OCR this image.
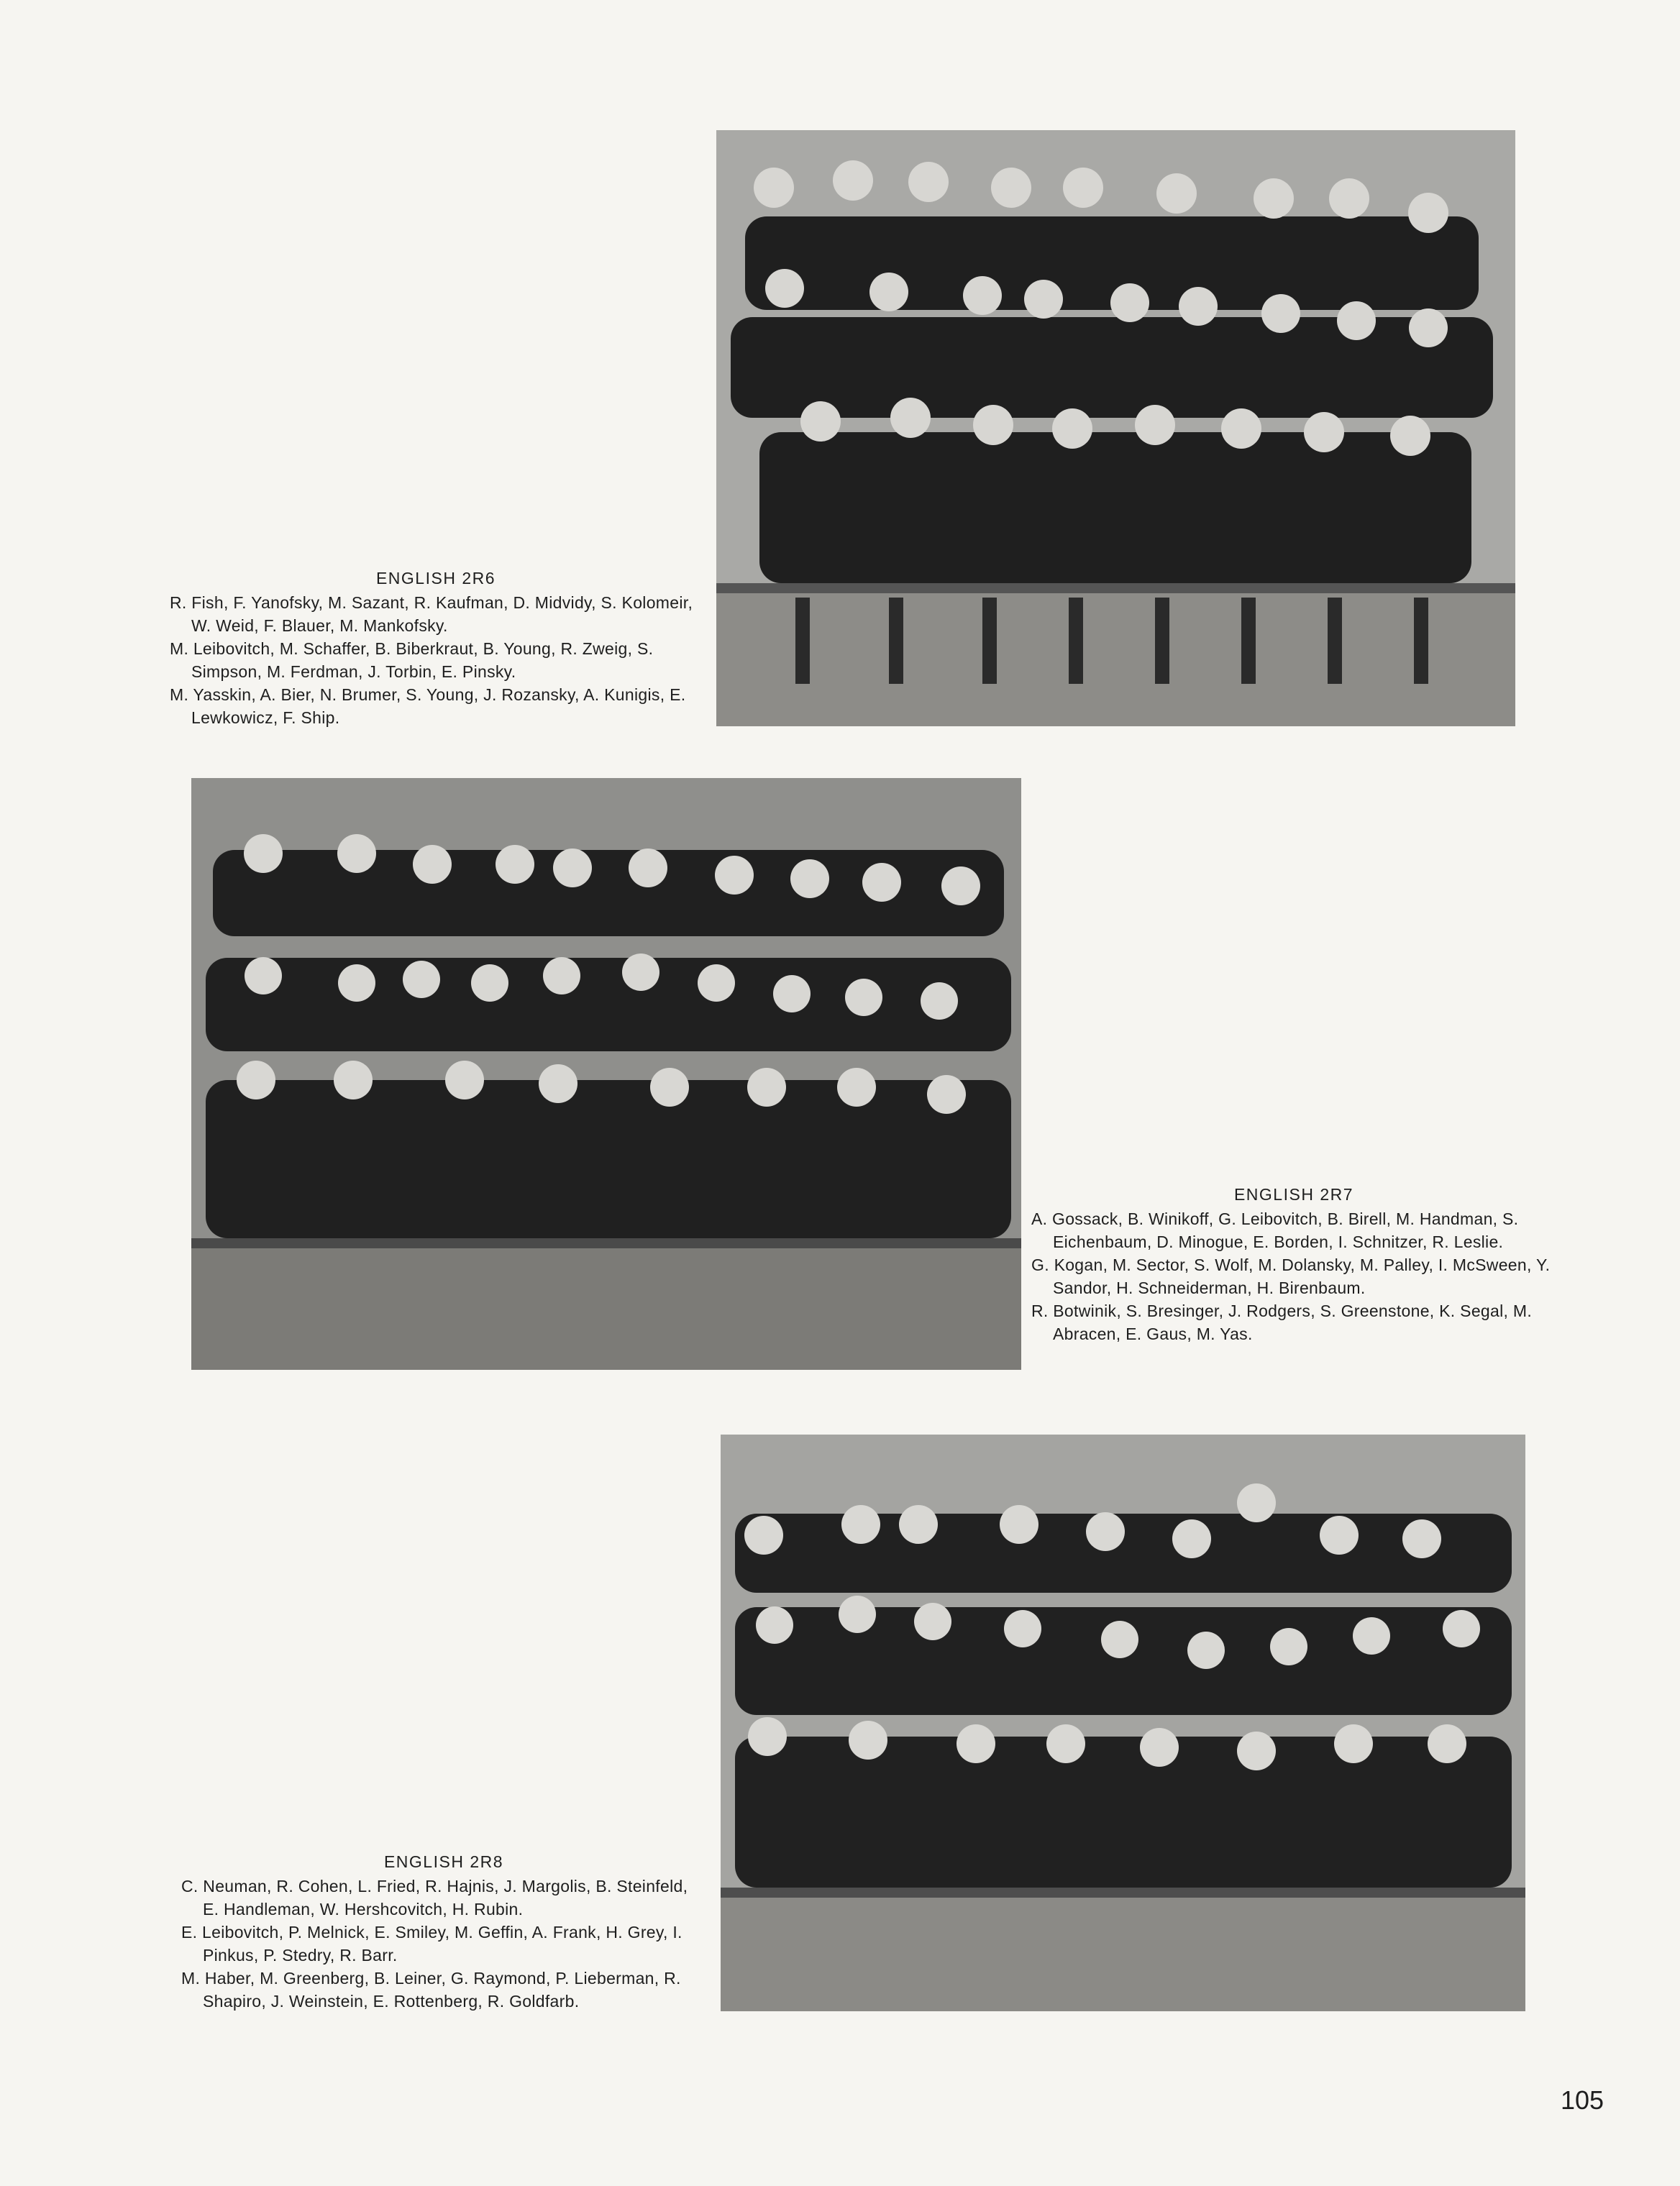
ENGLISH 2R6
R. Fish, F. Yanofsky, M. Sazant, R. Kaufman, D. Midvidy, S. Kolomeir, W. Weid, F. Blauer, M. Mankofsky.
M. Leibovitch, M. Schaffer, B. Biberkraut, B. Young, R. Zweig, S. Simpson, M. Ferdman, J. Torbin, E. Pinsky.
M. Yasskin, A. Bier, N. Brumer, S. Young, J. Rozansky, A. Kunigis, E. Lewkowicz, F. Ship.
ENGLISH 2R7
A. Gossack, B. Winikoff, G. Leibovitch, B. Birell, M. Handman, S. Eichenbaum, D. Minogue, E. Borden, I. Schnitzer, R. Leslie.
G. Kogan, M. Sector, S. Wolf, M. Dolansky, M. Palley, I. McSween, Y. Sandor, H. Schneiderman, H. Birenbaum.
R. Botwinik, S. Bresinger, J. Rodgers, S. Greenstone, K. Segal, M. Abracen, E. Gaus, M. Yas.
ENGLISH 2R8
C. Neuman, R. Cohen, L. Fried, R. Hajnis, J. Margolis, B. Steinfeld, E. Handleman, W. Hershcovitch, H. Rubin.
E. Leibovitch, P. Melnick, E. Smiley, M. Geffin, A. Frank, H. Grey, I. Pinkus, P. Stedry, R. Barr.
M. Haber, M. Greenberg, B. Leiner, G. Raymond, P. Lieberman, R. Shapiro, J. Weinstein, E. Rottenberg, R. Goldfarb.
105
